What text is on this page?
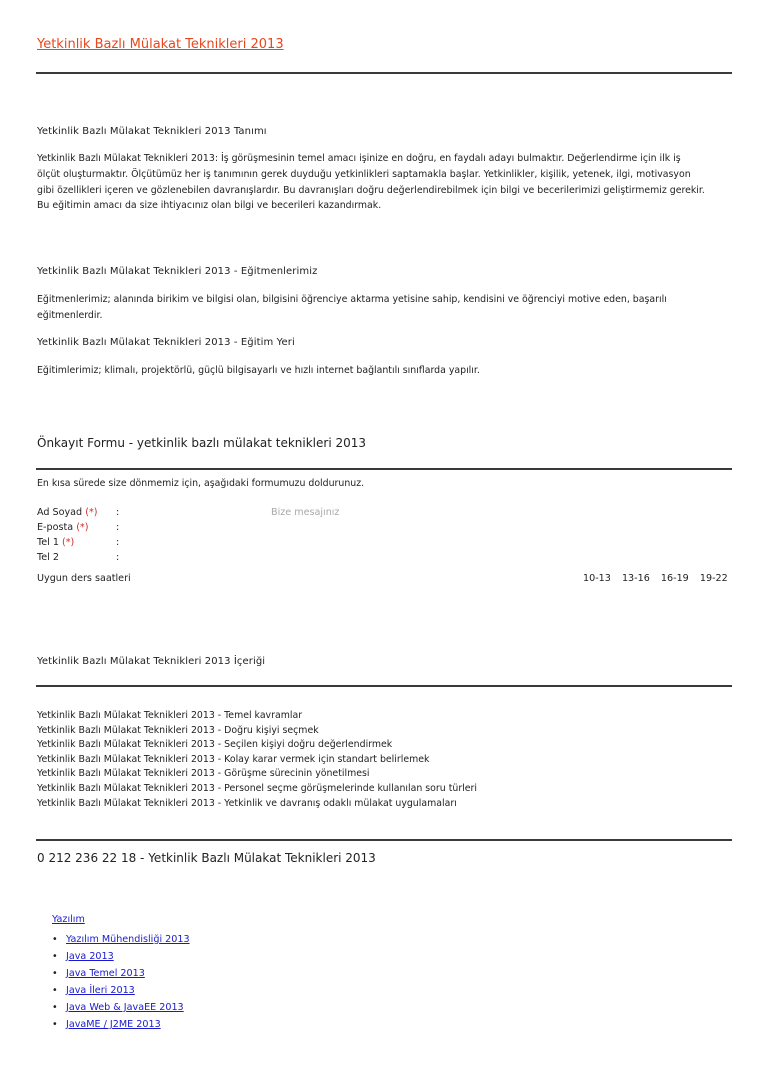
Yetkinlik Bazlı Mülakat Teknikleri 2013
Yetkinlik Bazlı Mülakat Teknikleri 2013 Tanımı

Yetkinlik Bazlı Mülakat Teknikleri 2013: İş görüşmesinin temel amacı işinize en doğru, en faydalı adayı bulmaktır. Değerlendirme için ilk iş

ölçüt oluşturmaktır. Ölçütümüz her iş tanımının gerek duyduğu yetkinlikleri saptamakla başlar. Yetkinlikler, kişilik, yetenek, ilgi, motivasyon

gibi özellikleri içeren ve gözlenebilen davranışlardır. Bu davranışları doğru değerlendirebilmek için bilgi ve becerilerimizi geliştirmemiz gerekir.

Bu eğitimin amacı da size ihtiyacınız olan bilgi ve becerileri kazandırmak.

Yetkinlik Bazlı Mülakat Teknikleri 2013 - Eğitmenlerimiz

Eğitmenlerimiz; alanında birikim ve bilgisi olan, bilgisini öğrenciye aktarma yetisine sahip, kendisini ve öğrenciyi motive eden, başarılı

eğitmenlerdir.

Yetkinlik Bazlı Mülakat Teknikleri 2013 - Eğitim Yeri

Eğitimlerimiz; klimalı, projektörlü, güçlü bilgisayarlı ve hızlı internet bağlantılı sınıflarda yapılır.

Önkayıt Formu - yetkinlik bazlı mülakat teknikleri 2013

En kısa sürede size dönmemiz için, aşağıdaki formumuzu doldurunuz.

Ad Soyad (*) :
E-posta (*)	:
Tel 1 (*)	:
Tel 2	:
Bize mesajınız
Uygun ders saatleri	10-13 13-16 16-19 19-22
Yetkinlik Bazlı Mülakat Teknikleri 2013 İçeriği
Yetkinlik Bazlı Mülakat Teknikleri 2013 - Temel kavramlar
Yetkinlik Bazlı Mülakat Teknikleri 2013 - Doğru kişiyi seçmek
Yetkinlik Bazlı Mülakat Teknikleri 2013 - Seçilen kişiyi doğru değerlendirmek
Yetkinlik Bazlı Mülakat Teknikleri 2013 - Kolay karar vermek için standart belirlemek
Yetkinlik Bazlı Mülakat Teknikleri 2013 - Görüşme sürecinin yönetilmesi
Yetkinlik Bazlı Mülakat Teknikleri 2013 - Personel seçme görüşmelerinde kullanılan soru türleri
Yetkinlik Bazlı Mülakat Teknikleri 2013 - Yetkinlik ve davranış odaklı mülakat uygulamaları
0 212 236 22 18 - Yetkinlik Bazlı Mülakat Teknikleri 2013
Yazılım
• Yazılım Mühendisliği 2013
• Java 2013
• Java Temel 2013
• Java İleri 2013
• Java Web & JavaEE 2013
• JavaME / J2ME 2013
